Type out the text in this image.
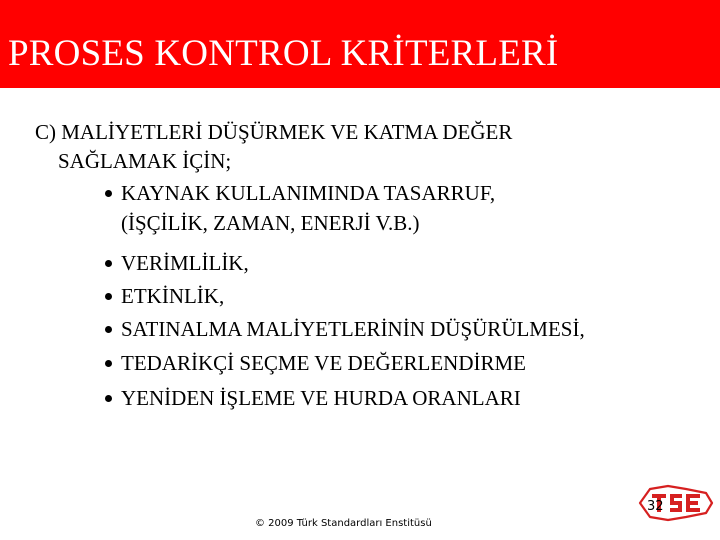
PROSES KONTROL KRİTERLERİ
C) MALİYETLERİ DÜŞÜRMEK VE KATMA DEĞER
SAĞLAMAK İÇİN;
KAYNAK KULLANIMINDA TASARRUF,
(İŞÇİLİK, ZAMAN, ENERJİ V.B.)
VERİMLİLİK,
ETKİNLİK,
SATINALMA MALİYETLERİNİN DÜŞÜRÜLMESİ,
TEDARİKÇİ SEÇME VE DEĞERLENDİRME
YENİDEN İŞLEME VE HURDA ORANLARI
32
© 2009 Türk Standardları Enstitüsü
